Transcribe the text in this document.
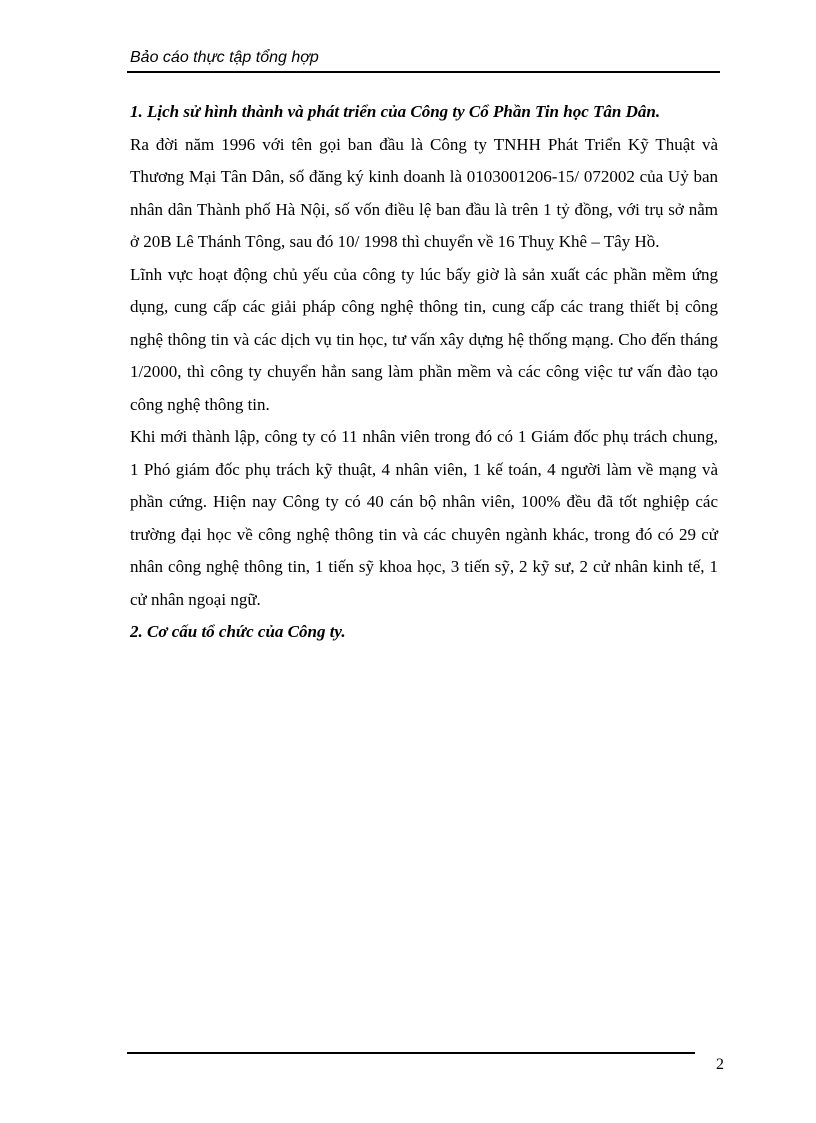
Bảo cáo thực tập tổng hợp

1. Lịch sử hình thành và phát triển của Công ty Cổ Phần Tin học Tân Dân.

Ra đời năm 1996 với tên gọi ban đầu là Công ty TNHH Phát Triển Kỹ Thuật và Thương Mại Tân Dân, số đăng ký kinh doanh là 0103001206-15/ 072002 của Uỷ ban nhân dân Thành phố Hà Nội, số vốn điều lệ ban đầu là trên 1 tỷ đồng, với trụ sở nằm ở 20B Lê Thánh Tông, sau đó 10/ 1998 thì chuyển về 16 Thuỵ Khê – Tây Hồ.

Lĩnh vực hoạt động chủ yếu của công ty lúc bấy giờ là sản xuất các phần mềm ứng dụng, cung cấp các giải pháp công nghệ thông tin, cung cấp các trang thiết bị công nghệ thông tin và các dịch vụ tin học, tư vấn xây dựng hệ thống mạng. Cho đến tháng 1/2000, thì công ty chuyển hẳn sang làm phần mềm và các công việc tư vấn đào tạo công nghệ thông tin.

Khi mới thành lập, công ty có 11 nhân viên trong đó có 1 Giám đốc phụ trách chung, 1 Phó giám đốc phụ trách kỹ thuật, 4 nhân viên, 1 kế toán, 4 người làm về mạng và phần cứng. Hiện nay Công ty có 40 cán bộ nhân viên, 100% đều đã tốt nghiệp các trường đại học về công nghệ thông tin và các chuyên ngành khác, trong đó có 29 cử nhân công nghệ thông tin, 1 tiến sỹ khoa học, 3 tiến sỹ, 2 kỹ sư, 2 cử nhân kinh tế, 1 cử nhân ngoại ngữ.

2. Cơ cấu tổ chức của Công ty.

2
